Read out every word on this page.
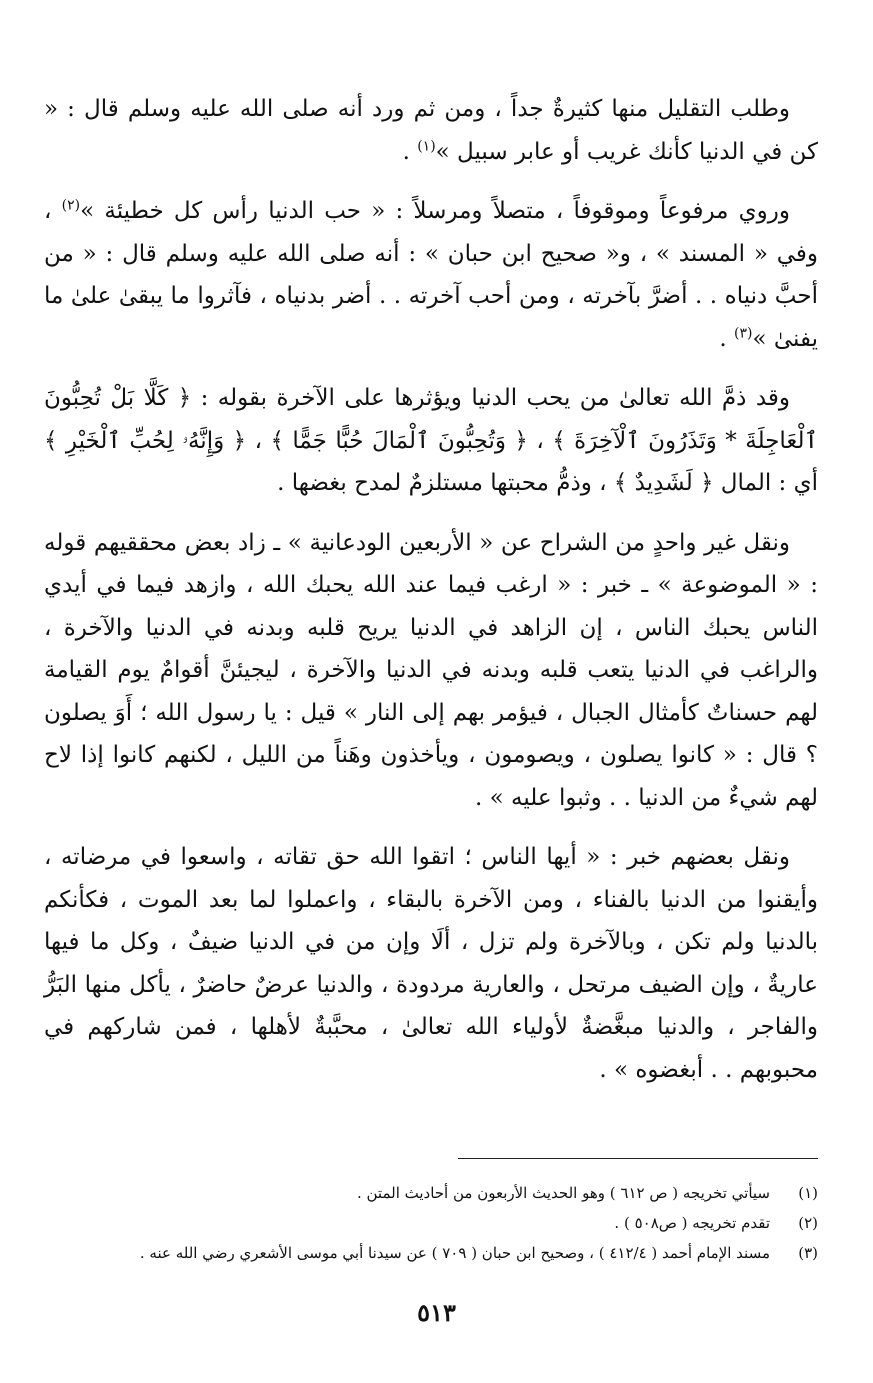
وطلب التقليل منها كثيرةٌ جداً ، ومن ثم ورد أنه صلى الله عليه وسلم قال : « كن في الدنيا كأنك غريب أو عابر سبيل »$^{(١)}$ .

وروي مرفوعاً وموقوفاً ، متصلاً ومرسلاً : « حب الدنيا رأس كل خطيئة »$^{(٢)}$ ، وفي « المسند » ، و« صحيح ابن حبان » : أنه صلى الله عليه وسلم قال : « من أحبَّ دنياه . . أضرَّ بآخرته ، ومن أحب آخرته . . أضر بدنياه ، فآثروا ما يبقىٰ علىٰ ما يفنىٰ »$^{(٣)}$ .

وقد ذمَّ الله تعالىٰ من يحب الدنيا ويؤثرها على الآخرة بقوله : ﴿ كَلَّا بَلْ تُحِبُّونَ ٱلْعَاجِلَةَ * وَتَذَرُونَ ٱلْآخِرَةَ ﴾ ، ﴿ وَتُحِبُّونَ ٱلْمَالَ حُبًّا جَمًّا ﴾ ، ﴿ وَإِنَّهُۥ لِحُبِّ ٱلْخَيْرِ ﴾ أي : المال ﴿ لَشَدِيدٌ ﴾ ، وذمُّ محبتها مستلزمٌ لمدح بغضها .

ونقل غير واحدٍ من الشراح عن « الأربعين الودعانية » ـ زاد بعض محققيهم قوله : « الموضوعة » ـ خبر : « ارغب فيما عند الله يحبك الله ، وازهد فيما في أيدي الناس يحبك الناس ، إن الزاهد في الدنيا يريح قلبه وبدنه في الدنيا والآخرة ، والراغب في الدنيا يتعب قلبه وبدنه في الدنيا والآخرة ، ليجيئنَّ أقوامٌ يوم القيامة لهم حسناتٌ كأمثال الجبال ، فيؤمر بهم إلى النار » قيل : يا رسول الله ؛ أَوَ يصلون ؟ قال : « كانوا يصلون ، ويصومون ، ويأخذون وهَناً من الليل ، لكنهم كانوا إذا لاح لهم شيءٌ من الدنيا . . وثبوا عليه » .

ونقل بعضهم خبر : « أيها الناس ؛ اتقوا الله حق تقاته ، واسعوا في مرضاته ، وأيقنوا من الدنيا بالفناء ، ومن الآخرة بالبقاء ، واعملوا لما بعد الموت ، فكأنكم بالدنيا ولم تكن ، وبالآخرة ولم تزل ، ألَا وإن من في الدنيا ضيفٌ ، وكل ما فيها عاريةٌ ، وإن الضيف مرتحل ، والعارية مردودة ، والدنيا عرضٌ حاضرٌ ، يأكل منها البَرُّ والفاجر ، والدنيا مبغَّضةٌ لأولياء الله تعالىٰ ، محبَّبةٌ لأهلها ، فمن شاركهم في محبوبهم . . أبغضوه » .

(١)
سيأتي تخريجه ( ص ٦١٢ ) وهو الحديث الأربعون من أحاديث المتن .
(٢)
تقدم تخريجه ( ص٥٠٨ ) .
(٣)
مسند الإمام أحمد ( ٤١٢/٤ ) ، وصحيح ابن حبان ( ٧٠٩ ) عن سيدنا أبي موسى الأشعري رضي الله عنه .
٥١٣
